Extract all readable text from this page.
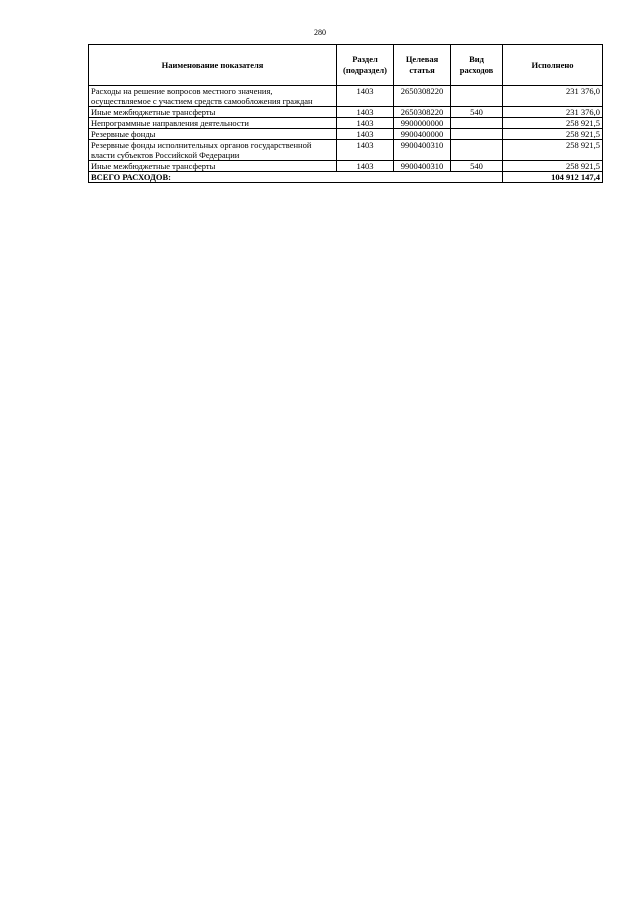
280
Наименование показателя	Раздел (подраздел)	Целевая статья	Вид расходов	Исполнено
Расходы на решение вопросов местного значения, осуществляемое с участием средств самообложения граждан	1403	2650308220		231 376,0
Иные межбюджетные трансферты	1403	2650308220	540	231 376,0
Непрограммные направления деятельности	1403	9900000000		258 921,5
Резервные фонды	1403	9900400000		258 921,5
Резервные фонды исполнительных органов государственной власти субъектов Российской Федерации	1403	9900400310		258 921,5
Иные межбюджетные трансферты	1403	9900400310	540	258 921,5
ВСЕГО РАСХОДОВ:				104 912 147,4
